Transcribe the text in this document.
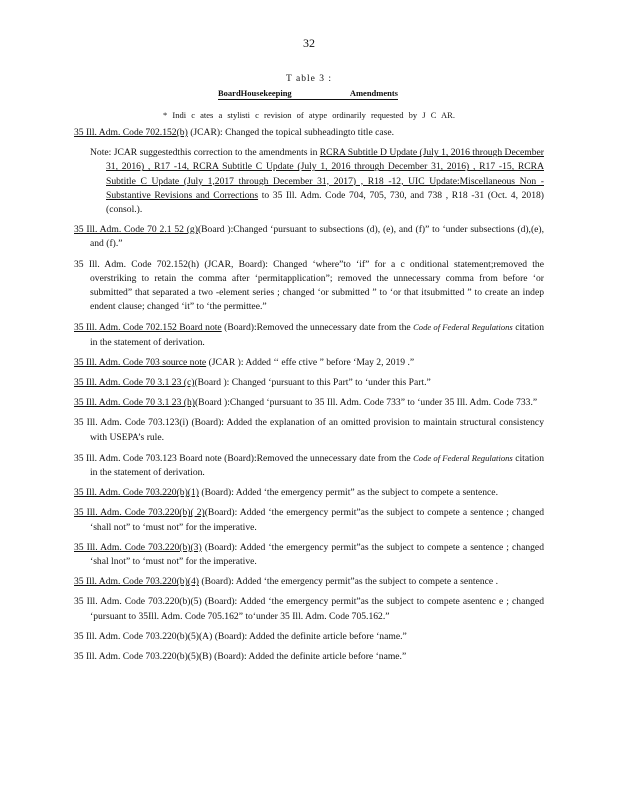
32
T able 3 :
BoardHousekeeping	Amendments
* Indi c ates a stylisti c revision of atype ordinarily requested by J C AR.

35 Ill. Adm. Code 702.152(b) (JCAR): Changed the topical subheadingto title case.

Note: JCAR suggestedthis correction to the amendments in RCRA Subtitle D Update (July 1, 2016 through December 31, 2016) , R17 -14, RCRA Subtitle C Update (July 1, 2016 through December 31, 2016) , R17 -15, RCRA Subtitle C Update (July 1,2017 through December 31, 2017) , R18 -12, UIC Update:Miscellaneous Non -Substantive Revisions and Corrections to 35 Ill. Adm. Code 704, 705, 730, and 738 , R18 -31 (Oct. 4, 2018) (consol.).

35 Ill. Adm. Code 70 2.1 52 (g)(Board ):Changed ‘pursuant to subsections (d), (e), and (f)” to ‘under subsections (d),(e), and (f).”

35 Ill. Adm. Code 702.152(h) (JCAR, Board): Changed ‘where”to ‘if” for a c onditional statement;removed the overstriking to retain the comma after ‘permitapplication”; removed the unnecessary comma from before ‘or submitted” that separated a two -element series ; changed ‘or submitted ” to ‘or that itsubmitted ” to create an indep endent clause; changed ‘it” to ‘the permittee.”

35 Ill. Adm. Code 702.152 Board note (Board):Removed the unnecessary date from the Code of Federal Regulations citation in the statement of derivation.

35 Ill. Adm. Code 703 source note (JCAR ): Added ‘‘ effe ctive ” before ‘May 2, 2019 .”

35 Ill. Adm. Code 70 3.1 23 (c)(Board ): Changed ‘pursuant to this Part” to ‘under this Part.”

35 Ill. Adm. Code 70 3.1 23 (h)(Board ):Changed ‘pursuant to 35 Ill. Adm. Code 733” to ‘under 35 Ill. Adm. Code 733.”

35 Ill. Adm. Code 703.123(i) (Board): Added the explanation of an omitted provision to maintain structural consistency with USEPA’s rule.

35 Ill. Adm. Code 703.123 Board note (Board):Removed the unnecessary date from the Code of Federal Regulations citation in the statement of derivation.

35 Ill. Adm. Code 703.220(b)(1) (Board): Added ‘the emergency permit” as the subject to compete a sentence.

35 Ill. Adm. Code 703.220(b)( 2)(Board): Added ‘the emergency permit”as the subject to compete a sentence ; changed ‘shall not” to ‘must not” for the imperative.

35 Ill. Adm. Code 703.220(b)(3) (Board): Added ‘the emergency permit”as the subject to compete a sentence ; changed ‘shal lnot” to ‘must not” for the imperative.

35 Ill. Adm. Code 703.220(b)(4) (Board): Added ‘the emergency permit”as the subject to compete a sentence .

35 Ill. Adm. Code 703.220(b)(5) (Board): Added ‘the emergency permit”as the subject to compete asentenc e ; changed ‘pursuant to 35Ill. Adm. Code 705.162” to‘under 35 Ill. Adm. Code 705.162.”

35 Ill. Adm. Code 703.220(b)(5)(A) (Board): Added the definite article before ‘name.”

35 Ill. Adm. Code 703.220(b)(5)(B) (Board): Added the definite article before ‘name.”
